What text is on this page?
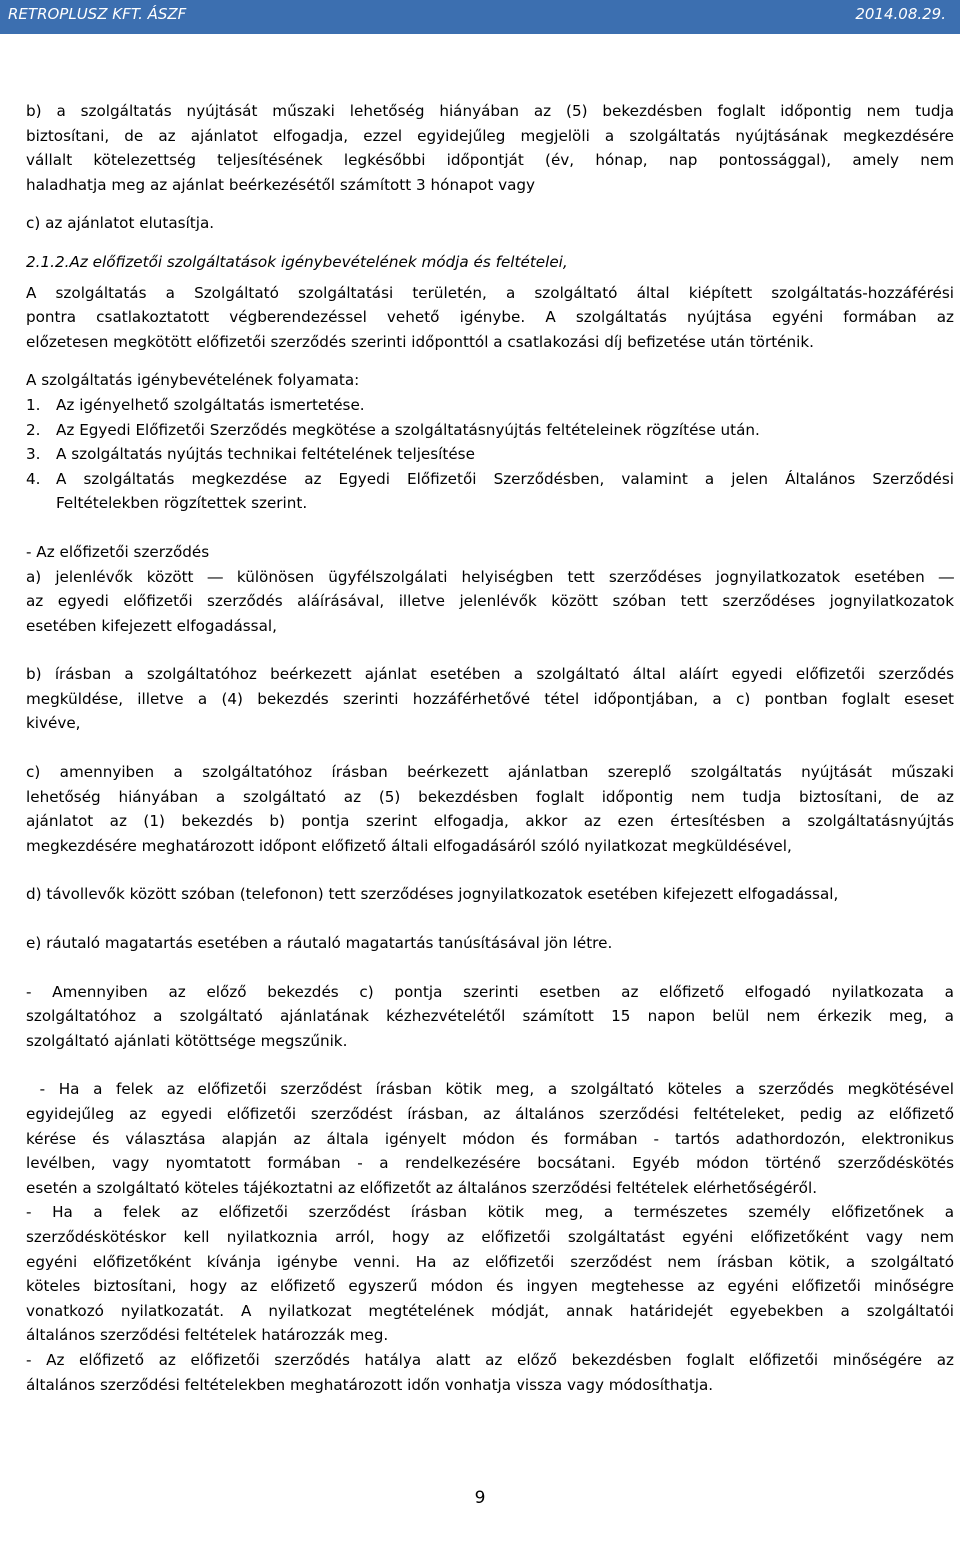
RETROPLUSZ KFT. ÁSZF	2014.08.29.

b) a szolgáltatás nyújtását műszaki lehetőség hiányában az (5) bekezdésben foglalt időpontig nem tudja

biztosítani, de az ajánlatot elfogadja, ezzel egyidejűleg megjelöli a szolgáltatás nyújtásának megkezdésére

vállalt kötelezettség teljesítésének legkésőbbi időpontját (év, hónap, nap pontossággal), amely nem

haladhatja meg az ajánlat beérkezésétől számított 3 hónapot vagy

c) az ajánlatot elutasítja.

2.1.2.Az előfizetői szolgáltatások igénybevételének módja és feltételei,

A szolgáltatás a Szolgáltató szolgáltatási területén, a szolgáltató által kiépített szolgáltatás-hozzáférési

pontra csatlakoztatott végberendezéssel vehető igénybe. A szolgáltatás nyújtása egyéni formában az

előzetesen megkötött előfizetői szerződés szerinti időponttól a csatlakozási díj befizetése után történik.

A szolgáltatás igénybevételének folyamata:

1.	Az igényelhető szolgáltatás ismertetése.
2.	Az Egyedi Előfizetői Szerződés megkötése a szolgáltatásnyújtás feltételeinek rögzítése után.
3.	A szolgáltatás nyújtás technikai feltételének teljesítése
4.	A szolgáltatás megkezdése az Egyedi Előfizetői Szerződésben, valamint a jelen Általános Szerződési
Feltételekben rögzítettek szerint.

- Az előfizetői szerződés

a) jelenlévők között ― különösen ügyfélszolgálati helyiségben tett szerződéses jognyilatkozatok esetében ―

az egyedi előfizetői szerződés aláírásával, illetve jelenlévők között szóban tett szerződéses jognyilatkozatok

esetében kifejezett elfogadással,

b) írásban a szolgáltatóhoz beérkezett ajánlat esetében a szolgáltató által aláírt egyedi előfizetői szerződés

megküldése, illetve a (4) bekezdés szerinti hozzáférhetővé tétel időpontjában, a c) pontban foglalt eseset

kivéve,

c) amennyiben a szolgáltatóhoz írásban beérkezett ajánlatban szereplő szolgáltatás nyújtását műszaki

lehetőség hiányában a szolgáltató az (5) bekezdésben foglalt időpontig nem tudja biztosítani, de az

ajánlatot az (1) bekezdés b) pontja szerint elfogadja, akkor az ezen értesítésben a szolgáltatásnyújtás

megkezdésére meghatározott időpont előfizető általi elfogadásáról szóló nyilatkozat megküldésével,

d) távollevők között szóban (telefonon) tett szerződéses jognyilatkozatok esetében kifejezett elfogadással,

e) ráutaló magatartás esetében a ráutaló magatartás tanúsításával jön létre.

- Amennyiben az előző bekezdés c) pontja szerinti esetben az előfizető elfogadó nyilatkozata a

szolgáltatóhoz a szolgáltató ajánlatának kézhezvételétől számított 15 napon belül nem érkezik meg, a

szolgáltató ajánlati kötöttsége megszűnik.

- Ha a felek az előfizetői szerződést írásban kötik meg, a szolgáltató köteles a szerződés megkötésével

egyidejűleg az egyedi előfizetői szerződést írásban, az általános szerződési feltételeket, pedig az előfizető

kérése és választása alapján az általa igényelt módon és formában - tartós adathordozón, elektronikus

levélben, vagy nyomtatott formában - a rendelkezésére bocsátani. Egyéb módon történő szerződéskötés

esetén a szolgáltató köteles tájékoztatni az előfizetőt az általános szerződési feltételek elérhetőségéről.

- Ha a felek az előfizetői szerződést írásban kötik meg, a természetes személy előfizetőnek a

szerződéskötéskor kell nyilatkoznia arról, hogy az előfizetői szolgáltatást egyéni előfizetőként vagy nem

egyéni előfizetőként kívánja igénybe venni. Ha az előfizetői szerződést nem írásban kötik, a szolgáltató

köteles biztosítani, hogy az előfizető egyszerű módon és ingyen megtehesse az egyéni előfizetői minőségre

vonatkozó nyilatkozatát. A nyilatkozat megtételének módját, annak határidejét egyebekben a szolgáltatói

általános szerződési feltételek határozzák meg.

- Az előfizető az előfizetői szerződés hatálya alatt az előző bekezdésben foglalt előfizetői minőségére az

általános szerződési feltételekben meghatározott időn vonhatja vissza vagy módosíthatja.

9
